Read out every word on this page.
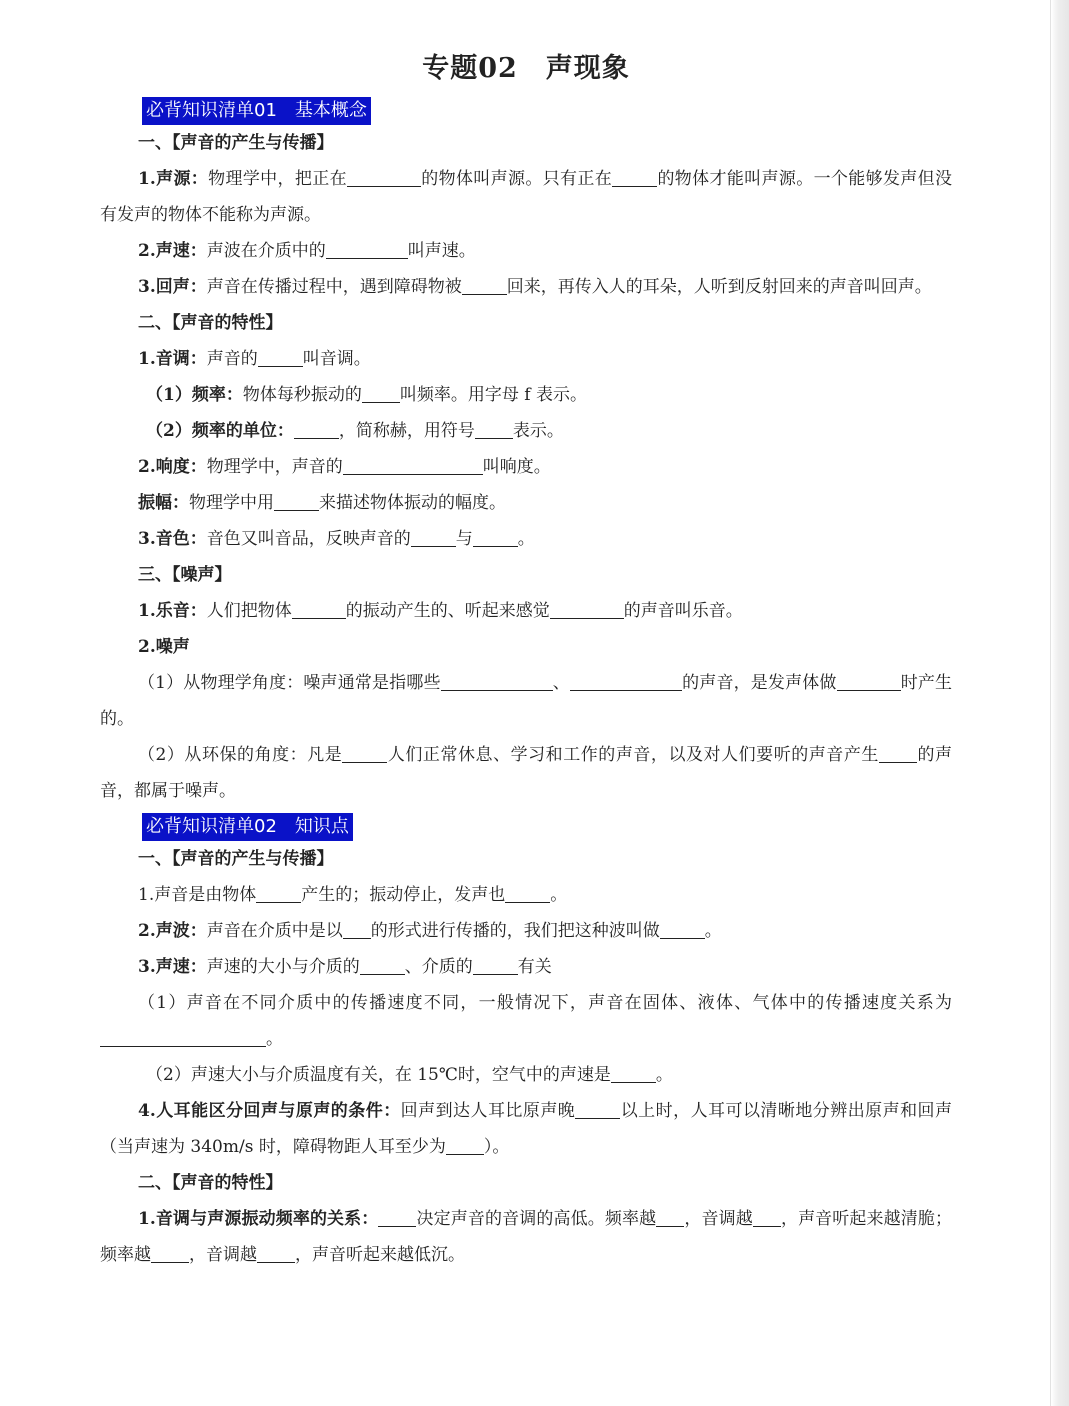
专题02　声现象
必背知识清单01　基本概念
一、【声音的产生与传播】

1.声源：物理学中，把正在	的物体叫声源。只有正在	的物体才能叫声源。一个能够发声但没有发声的物体不能称为声源。

2.声速：声波在介质中的	叫声速。

3.回声：声音在传播过程中，遇到障碍物被	回来，再传入人的耳朵，人听到反射回来的声音叫回声。

二、【声音的特性】

1.音调：声音的	叫音调。

（1）频率：物体每秒振动的 叫频率。用字母 f 表示。

（2）频率的单位：	，简称赫，用符号 表示。

2.响度：物理学中，声音的	叫响度。

振幅：物理学中用	来描述物体振动的幅度。

3.音色：音色又叫音品，反映声音的	与	。

三、【噪声】

1.乐音：人们把物体	的振动产生的、听起来感觉	的声音叫乐音。

2.噪声

（1）从物理学角度：噪声通常是指哪些	、	的声音，是发声体做	时产生的。

（2）从环保的角度：凡是	人们正常休息、学习和工作的声音，以及对人们要听的声音产生 的声音，都属于噪声。

必背知识清单02　知识点
一、【声音的产生与传播】

1.声音是由物体	产生的；振动停止，发声也	。

2.声波：声音在介质中是以 的形式进行传播的，我们把这种波叫做	。

3.声速：声速的大小与介质的	、介质的	有关

（1）声音在不同介质中的传播速度不同，一般情况下，声音在固体、液体、气体中的传播速度关系为。

（2）声速大小与介质温度有关，在 15℃时，空气中的声速是	。

4.人耳能区分回声与原声的条件：回声到达人耳比原声晚	以上时，人耳可以清晰地分辨出原声和回声（当声速为 340m/s 时，障碍物距人耳至少为 ）。

二、【声音的特性】

1.音调与声源振动频率的关系： 决定声音的音调的高低。频率越 ，音调越 ，声音听起来越清脆；频率越 ，音调越 ，声音听起来越低沉。
